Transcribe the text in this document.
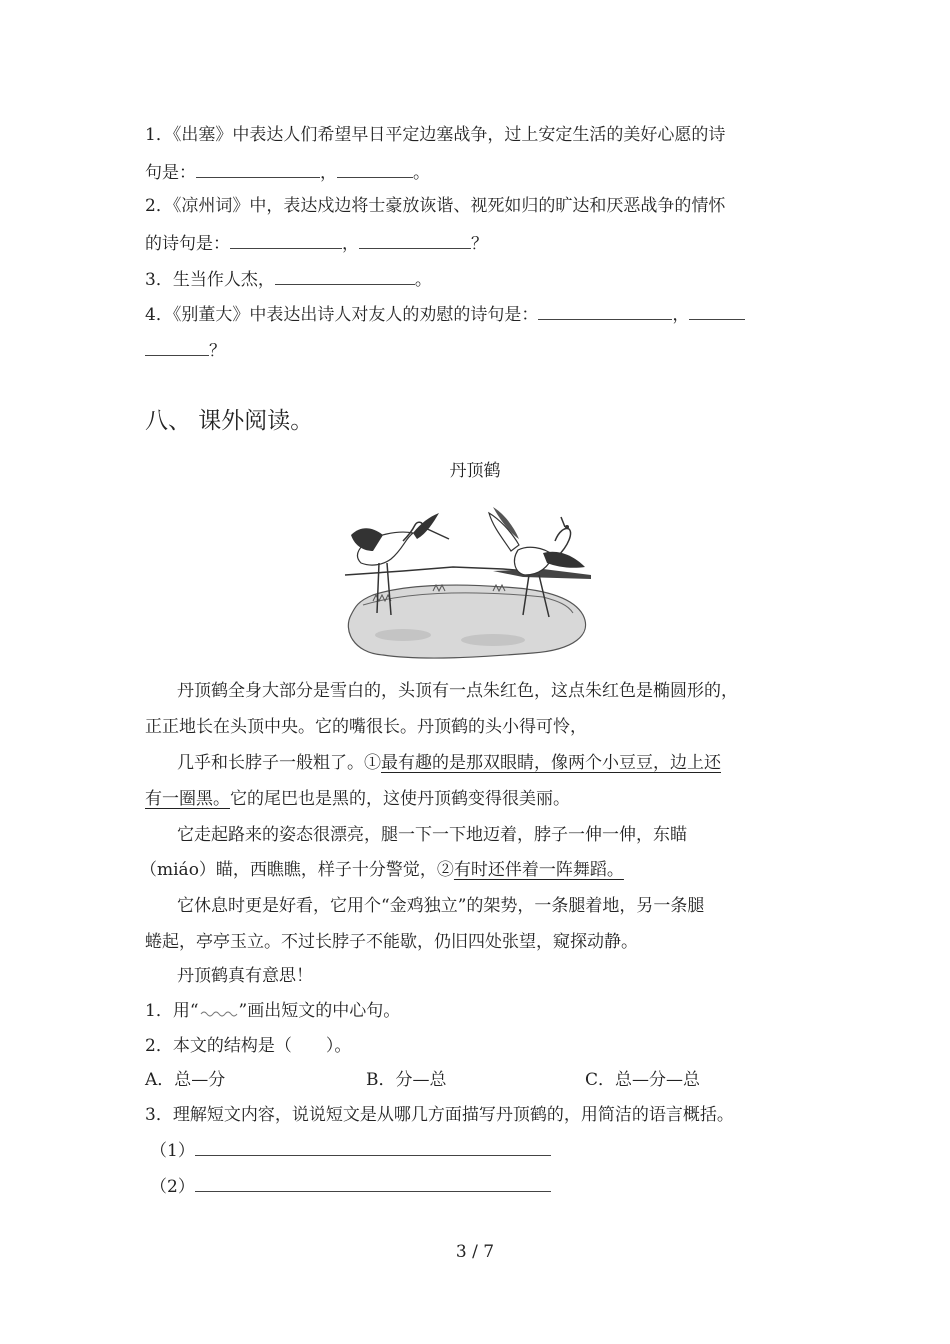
1．《出塞》中表达人们希望早日平定边塞战争，过上安定生活的美好心愿的诗
句是：	，	。
2．《凉州词》中，表达戍边将士豪放诙谐、视死如归的旷达和厌恶战争的情怀
的诗句是：	，	？
3．生当作人杰，	。
4．《别董大》中表达出诗人对友人的劝慰的诗句是：	，
？
八、 课外阅读。
丹顶鹤
丹顶鹤全身大部分是雪白的，头顶有一点朱红色，这点朱红色是椭圆形的，
正正地长在头顶中央。它的嘴很长。丹顶鹤的头小得可怜，
几乎和长脖子一般粗了。①最有趣的是那双眼睛，像两个小豆豆，边上还
有一圈黑。它的尾巴也是黑的，这使丹顶鹤变得很美丽。
它走起路来的姿态很漂亮，腿一下一下地迈着，脖子一伸一伸，东瞄
（miáo）瞄，西瞧瞧，样子十分警觉，②有时还伴着一阵舞蹈。
它休息时更是好看，它用个“金鸡独立”的架势，一条腿着地，另一条腿
蜷起，亭亭玉立。不过长脖子不能歇，仍旧四处张望，窥探动静。
丹顶鹤真有意思！
1．用“ ”画出短文的中心句。
2．本文的结构是（　　）。
A．总—分	B．分—总	C．总—分—总
3．理解短文内容，说说短文是从哪几方面描写丹顶鹤的，用简洁的语言概括。
（1）
（2）
3 / 7
